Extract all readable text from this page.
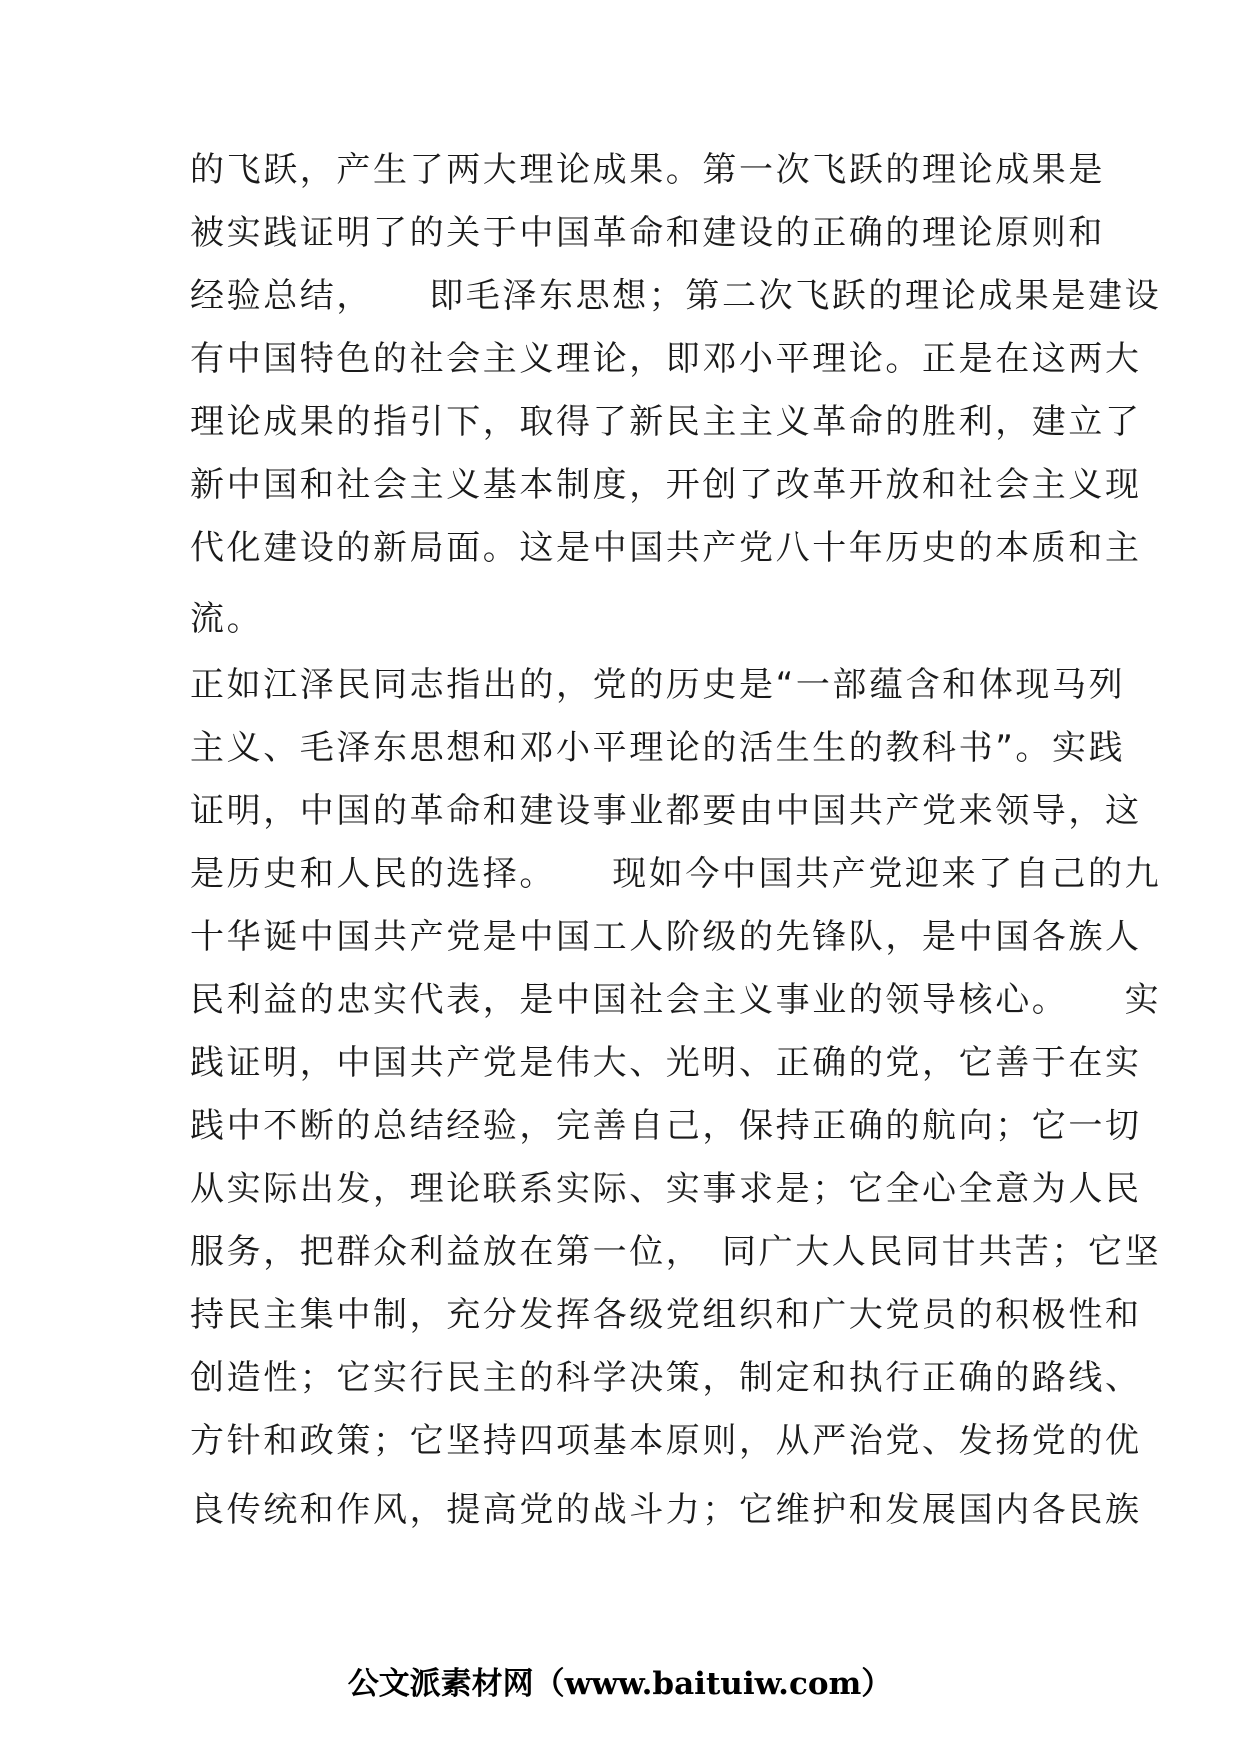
的飞跃，产生了两大理论成果。第一次飞跃的理论成果是
被实践证明了的关于中国革命和建设的正确的理论原则和
经验总结，　　即毛泽东思想；第二次飞跃的理论成果是建设
有中国特色的社会主义理论，即邓小平理论。正是在这两大
理论成果的指引下，取得了新民主主义革命的胜利，建立了
新中国和社会主义基本制度，开创了改革开放和社会主义现
代化建设的新局面。这是中国共产党八十年历史的本质和主
流。
正如江泽民同志指出的，党的历史是“一部蕴含和体现马列
主义、毛泽东思想和邓小平理论的活生生的教科书”。实践
证明，中国的革命和建设事业都要由中国共产党来领导，这
是历史和人民的选择。　　现如今中国共产党迎来了自己的九
十华诞中国共产党是中国工人阶级的先锋队，是中国各族人
民利益的忠实代表，是中国社会主义事业的领导核心。　　实
践证明，中国共产党是伟大、光明、正确的党，它善于在实
践中不断的总结经验，完善自己，保持正确的航向；它一切
从实际出发，理论联系实际、实事求是；它全心全意为人民
服务，把群众利益放在第一位，　同广大人民同甘共苦；它坚
持民主集中制，充分发挥各级党组织和广大党员的积极性和
创造性；它实行民主的科学决策，制定和执行正确的路线、
方针和政策；它坚持四项基本原则，从严治党、发扬党的优
良传统和作风，提高党的战斗力；它维护和发展国内各民族
公文派素材网（www.baituiw.com）
